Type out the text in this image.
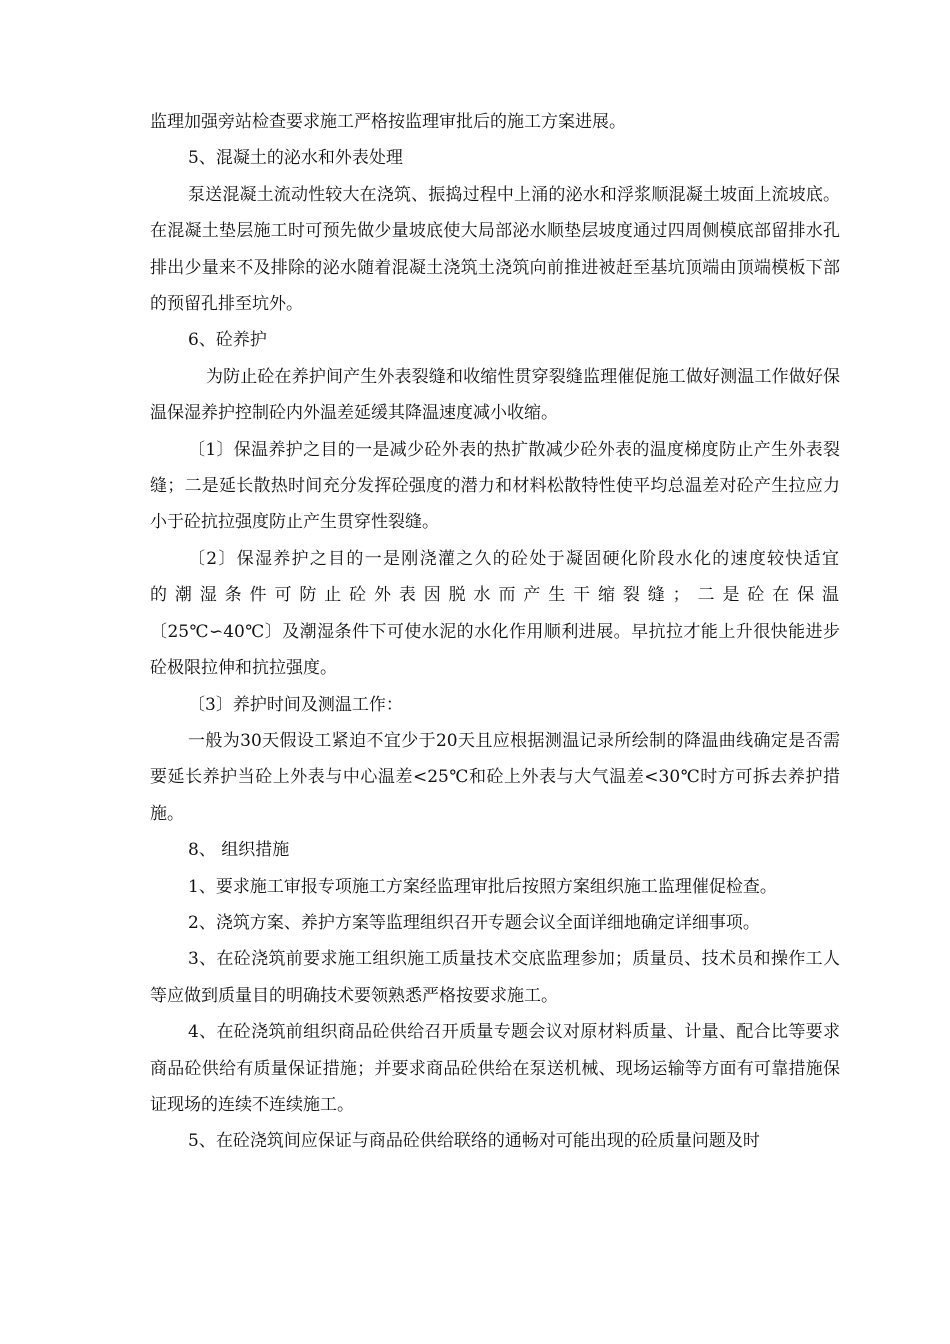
监理加强旁站检查要求施工严格按监理审批后的施工方案进展。

5、混凝土的泌水和外表处理

泵送混凝土流动性较大在浇筑、振捣过程中上涌的泌水和浮浆顺混凝土坡面上流坡底。在混凝土垫层施工时可预先做少量坡底使大局部泌水顺垫层坡度通过四周侧模底部留排水孔排出少量来不及排除的泌水随着混凝土浇筑土浇筑向前推进被赶至基坑顶端由顶端模板下部的预留孔排至坑外。

6、砼养护

为防止砼在养护间产生外表裂缝和收缩性贯穿裂缝监理催促施工做好测温工作做好保温保湿养护控制砼内外温差延缓其降温速度减小收缩。

〔1〕保温养护之目的一是减少砼外表的热扩散减少砼外表的温度梯度防止产生外表裂缝；二是延长散热时间充分发挥砼强度的潜力和材料松散特性使平均总温差对砼产生拉应力小于砼抗拉强度防止产生贯穿性裂缝。

〔2〕保湿养护之目的一是刚浇灌之久的砼处于凝固硬化阶段水化的速度较快适宜的潮湿条件可防止砼外表因脱水而产生干缩裂缝；二是砼在保温

〔25℃∽40℃〕及潮湿条件下可使水泥的水化作用顺利进展。早抗拉才能上升很快能进步砼极限拉伸和抗拉强度。

〔3〕养护时间及测温工作：

一般为30天假设工紧迫不宜少于20天且应根据测温记录所绘制的降温曲线确定是否需要延长养护当砼上外表与中心温差<25℃和砼上外表与大气温差<30℃时方可拆去养护措施。

8、 组织措施

1、要求施工审报专项施工方案经监理审批后按照方案组织施工监理催促检查。

2、浇筑方案、养护方案等监理组织召开专题会议全面详细地确定详细事项。

3、在砼浇筑前要求施工组织施工质量技术交底监理参加；质量员、技术员和操作工人等应做到质量目的明确技术要领熟悉严格按要求施工。

4、在砼浇筑前组织商品砼供给召开质量专题会议对原材料质量、计量、配合比等要求商品砼供给有质量保证措施；并要求商品砼供给在泵送机械、现场运输等方面有可靠措施保证现场的连续不连续施工。

5、在砼浇筑间应保证与商品砼供给联络的通畅对可能出现的砼质量问题及时
